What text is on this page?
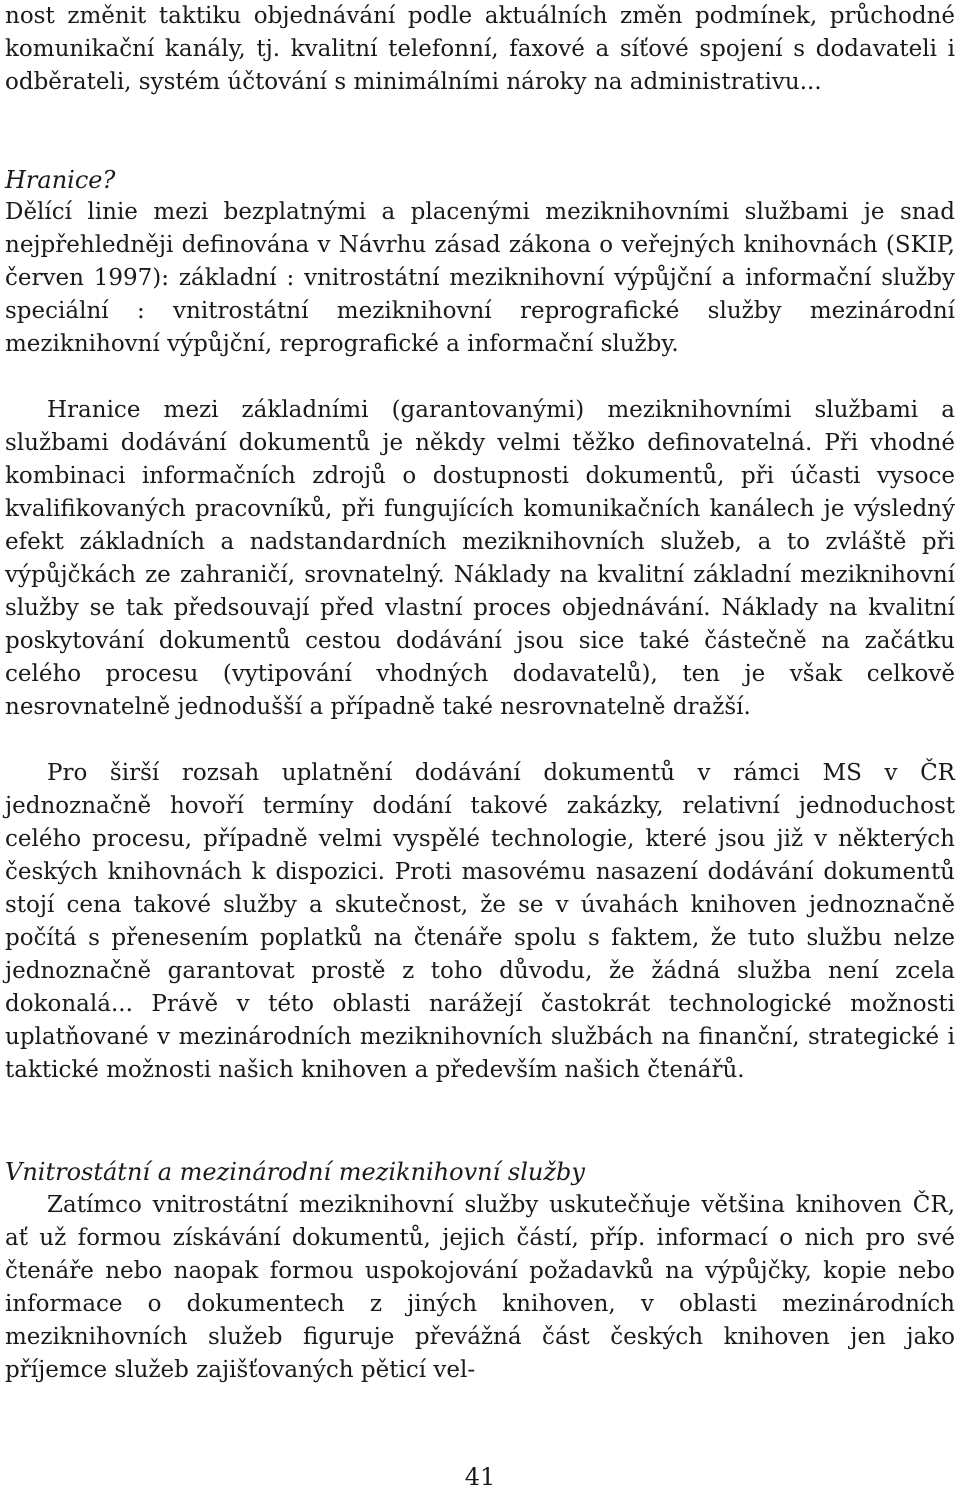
nost změnit taktiku objednávání podle aktuálních změn podmínek, průchodné komunikační kanály, tj. kvalitní telefonní, faxové a síťové spojení s dodavateli i odběrateli, systém účtování s minimálními nároky na administrativu...

Hranice?

Dělící linie mezi bezplatnými a placenými meziknihovními službami je snad nejpřehledněji definována v Návrhu zásad zákona o veřejných knihovnách (SKIP, červen 1997): základní : vnitrostátní meziknihovní výpůjční a informační služby speciální : vnitrostátní meziknihovní reprografické služby mezinárodní meziknihovní výpůjční, reprografické a informační služby.

Hranice mezi základními (garantovanými) meziknihovními službami a službami dodávání dokumentů je někdy velmi těžko definovatelná. Při vhodné kombinaci informačních zdrojů o dostupnosti dokumentů, při účasti vysoce kvalifikovaných pracovníků, při fungujících komunikačních kanálech je výsledný efekt základních a nadstandardních meziknihovních služeb, a to zvláště při výpůjčkách ze zahraničí, srovnatelný. Náklady na kvalitní základní meziknihovní služby se tak předsouvají před vlastní proces objednávání. Náklady na kvalitní poskytování dokumentů cestou dodávání jsou sice také částečně na začátku celého procesu (vytipování vhodných dodavatelů), ten je však celkově nesrovnatelně jednodušší a případně také nesrovnatelně dražší.

Pro širší rozsah uplatnění dodávání dokumentů v rámci MS v ČR jednoznačně hovoří termíny dodání takové zakázky, relativní jednoduchost celého procesu, případně velmi vyspělé technologie, které jsou již v některých českých knihovnách k dispozici. Proti masovému nasazení dodávání dokumentů stojí cena takové služby a skutečnost, že se v úvahách knihoven jednoznačně počítá s přenesením poplatků na čtenáře spolu s faktem, že tuto službu nelze jednoznačně garantovat prostě z toho důvodu, že žádná služba není zcela dokonalá... Právě v této oblasti narážejí častokrát technologické možnosti uplatňované v mezinárodních meziknihovních službách na finanční, strategické i taktické možnosti našich knihoven a především našich čtenářů.

Vnitrostátní a mezinárodní meziknihovní služby

Zatímco vnitrostátní meziknihovní služby uskutečňuje většina knihoven ČR, ať už formou získávání dokumentů, jejich částí, příp. informací o nich pro své čtenáře nebo naopak formou uspokojování požadavků na výpůjčky, kopie nebo informace o dokumentech z jiných knihoven, v oblasti mezinárodních meziknihovních služeb figuruje převážná část českých knihoven jen jako příjemce služeb zajišťovaných pěticí vel-

41
